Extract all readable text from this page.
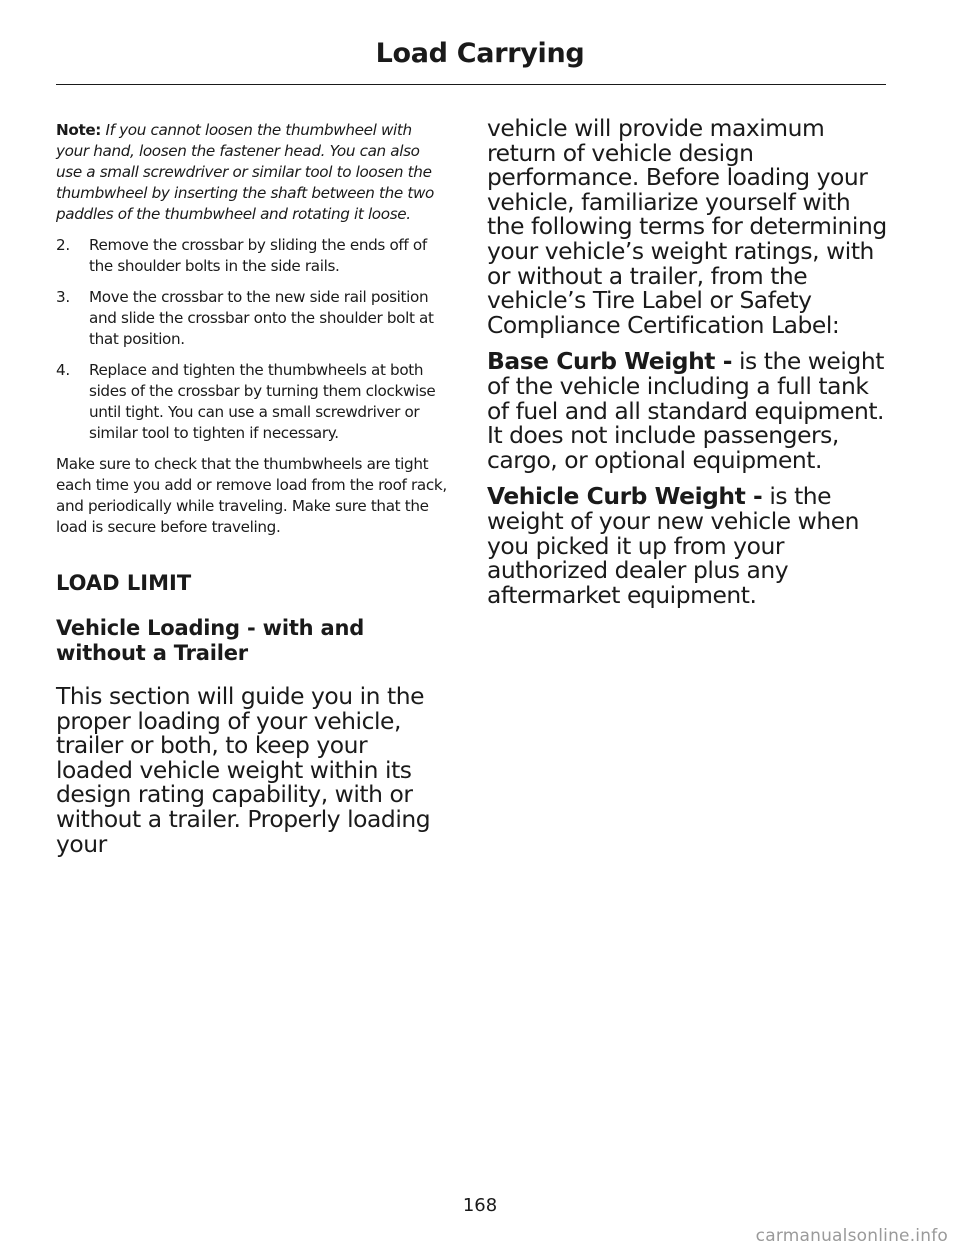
Load Carrying

Note: If you cannot loosen the thumbwheel with your hand, loosen the fastener head. You can also use a small screwdriver or similar tool to loosen the thumbwheel by inserting the shaft between the two paddles of the thumbwheel and rotating it loose.

2. Remove the crossbar by sliding the ends off of the shoulder bolts in the side rails.
3. Move the crossbar to the new side rail position and slide the crossbar onto the shoulder bolt at that position.
4. Replace and tighten the thumbwheels at both sides of the crossbar by turning them clockwise until tight. You can use a small screwdriver or similar tool to tighten if necessary.

Make sure to check that the thumbwheels are tight each time you add or remove load from the roof rack, and periodically while traveling. Make sure that the load is secure before traveling.

LOAD LIMIT
Vehicle Loading - with and without a Trailer

This section will guide you in the proper loading of your vehicle, trailer or both, to keep your loaded vehicle weight within its design rating capability, with or without a trailer. Properly loading your

vehicle will provide maximum return of vehicle design performance. Before loading your vehicle, familiarize yourself with the following terms for determining your vehicle’s weight ratings, with or without a trailer, from the vehicle’s Tire Label or Safety Compliance Certification Label:

Base Curb Weight - is the weight of the vehicle including a full tank of fuel and all standard equipment. It does not include passengers, cargo, or optional equipment.

Vehicle Curb Weight - is the weight of your new vehicle when you picked it up from your authorized dealer plus any aftermarket equipment.

168
carmanualsonline.info
